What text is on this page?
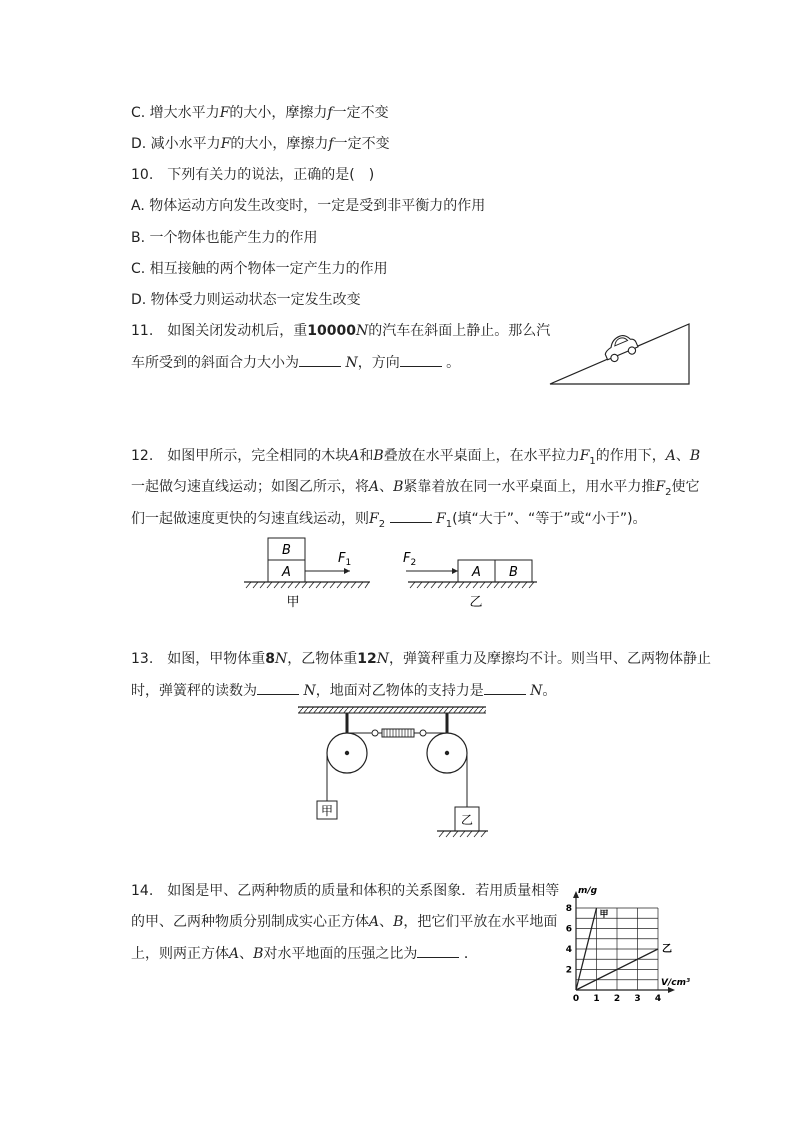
C. 增大水平力F的大小，摩擦力f一定不变
D. 减小水平力F的大小，摩擦力f一定不变
10. 下列有关力的说法，正确的是(　)
A. 物体运动方向发生改变时，一定是受到非平衡力的作用
B. 一个物体也能产生力的作用
C. 相互接触的两个物体一定产生力的作用
D. 物体受力则运动状态一定发生改变
11. 如图关闭发动机后，重10000N的汽车在斜面上静止。那么汽
车所受到的斜面合力大小为	N，方向	。
12. 如图甲所示，完全相同的木块A和B叠放在水平桌面上，在水平拉力$F_1$的作用下，A、B
一起做匀速直线运动；如图乙所示，将A、B紧靠着放在同一水平桌面上，用水平力推$F_2$使它
们一起做速度更快的匀速直线运动，则$F_2$	$F_1$(填“大于”、“等于”或“小于”)。
B
A
$F_1$
甲
A B
$F_2$
乙
13. 如图，甲物体重8N，乙物体重12N，弹簧秤重力及摩擦均不计。则当甲、乙两物体静止
时，弹簧秤的读数为	N，地面对乙物体的支持力是	N。
甲
乙
14. 如图是甲、乙两种物质的质量和体积的关系图象．若用质量相等
的甲、乙两种物质分别制成实心正方体A、B，把它们平放在水平地面
上，则两正方体A、B对水平地面的压强之比为	．
甲
乙
0 1 2 3 4
2
4
6
8
m/g
V/cm³
